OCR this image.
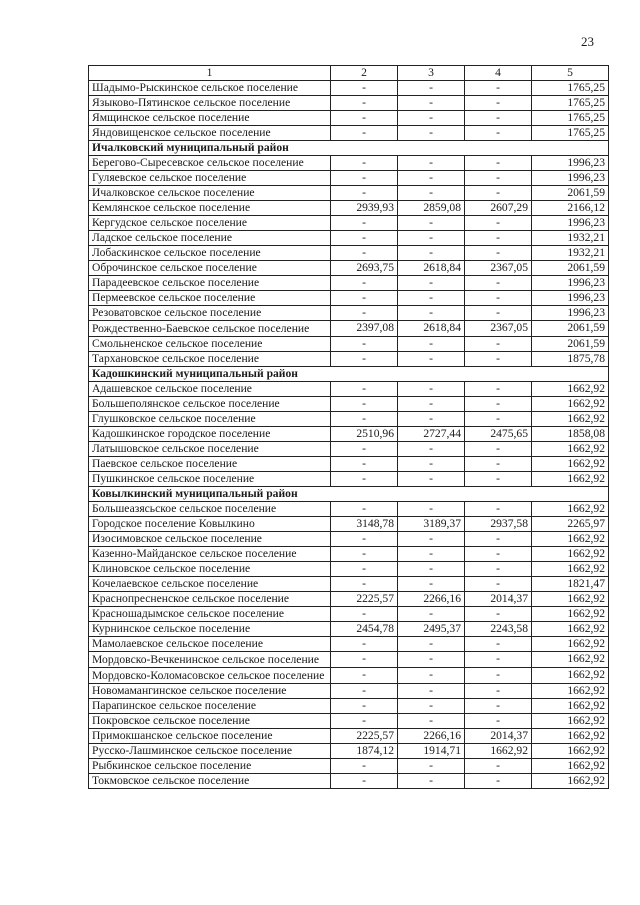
23
1	2	3	4	5
Шадымо-Рыскинское сельское поселение	-	-	-	1765,25
Языково-Пятинское сельское поселение	-	-	-	1765,25
Ямщинское сельское поселение	-	-	-	1765,25
Яндовищенское сельское поселение	-	-	-	1765,25
Ичалковский муниципальный район				
Берегово-Сыресевское сельское поселение	-	-	-	1996,23
Гуляевское сельское поселение	-	-	-	1996,23
Ичалковское сельское поселение	-	-	-	2061,59
Кемлянское сельское поселение	2939,93	2859,08	2607,29	2166,12
Кергудское сельское поселение	-	-	-	1996,23
Ладское сельское поселение	-	-	-	1932,21
Лобаскинское сельское поселение	-	-	-	1932,21
Оброчинское сельское поселение	2693,75	2618,84	2367,05	2061,59
Парадеевское сельское поселение	-	-	-	1996,23
Пермеевское сельское поселение	-	-	-	1996,23
Резоватовское сельское поселение	-	-	-	1996,23
Рождественно-Баевское сельское поселение	2397,08	2618,84	2367,05	2061,59
Смольненское сельское поселение	-	-	-	2061,59
Тархановское сельское поселение	-	-	-	1875,78
Кадошкинский муниципальный район				
Адашевское сельское поселение	-	-	-	1662,92
Большеполянское сельское поселение	-	-	-	1662,92
Глушковское сельское поселение	-	-	-	1662,92
Кадошкинское городское поселение	2510,96	2727,44	2475,65	1858,08
Латышовское сельское поселение	-	-	-	1662,92
Паевское сельское поселение	-	-	-	1662,92
Пушкинское сельское поселение	-	-	-	1662,92
Ковылкинский муниципальный район				
Большеазясьское сельское поселение	-	-	-	1662,92
Городское поселение Ковылкино	3148,78	3189,37	2937,58	2265,97
Изосимовское сельское поселение	-	-	-	1662,92
Казенно-Майданское сельское поселение	-	-	-	1662,92
Клиновское сельское поселение	-	-	-	1662,92
Кочелаевское сельское поселение	-	-	-	1821,47
Краснопресненское сельское поселение	2225,57	2266,16	2014,37	1662,92
Красношадымское сельское поселение	-	-	-	1662,92
Курнинское сельское поселение	2454,78	2495,37	2243,58	1662,92
Мамолаевское сельское поселение	-	-	-	1662,92
Мордовско-Вечкенинское сельское поселение	-	-	-	1662,92
Мордовско-Коломасовское сельское поселение	-	-	-	1662,92
Новомамангинское сельское поселение	-	-	-	1662,92
Парапинское сельское поселение	-	-	-	1662,92
Покровское сельское поселение	-	-	-	1662,92
Примокшанское сельское поселение	2225,57	2266,16	2014,37	1662,92
Русско-Лашминское сельское поселение	1874,12	1914,71	1662,92	1662,92
Рыбкинское сельское поселение	-	-	-	1662,92
Токмовское сельское поселение	-	-	-	1662,92
